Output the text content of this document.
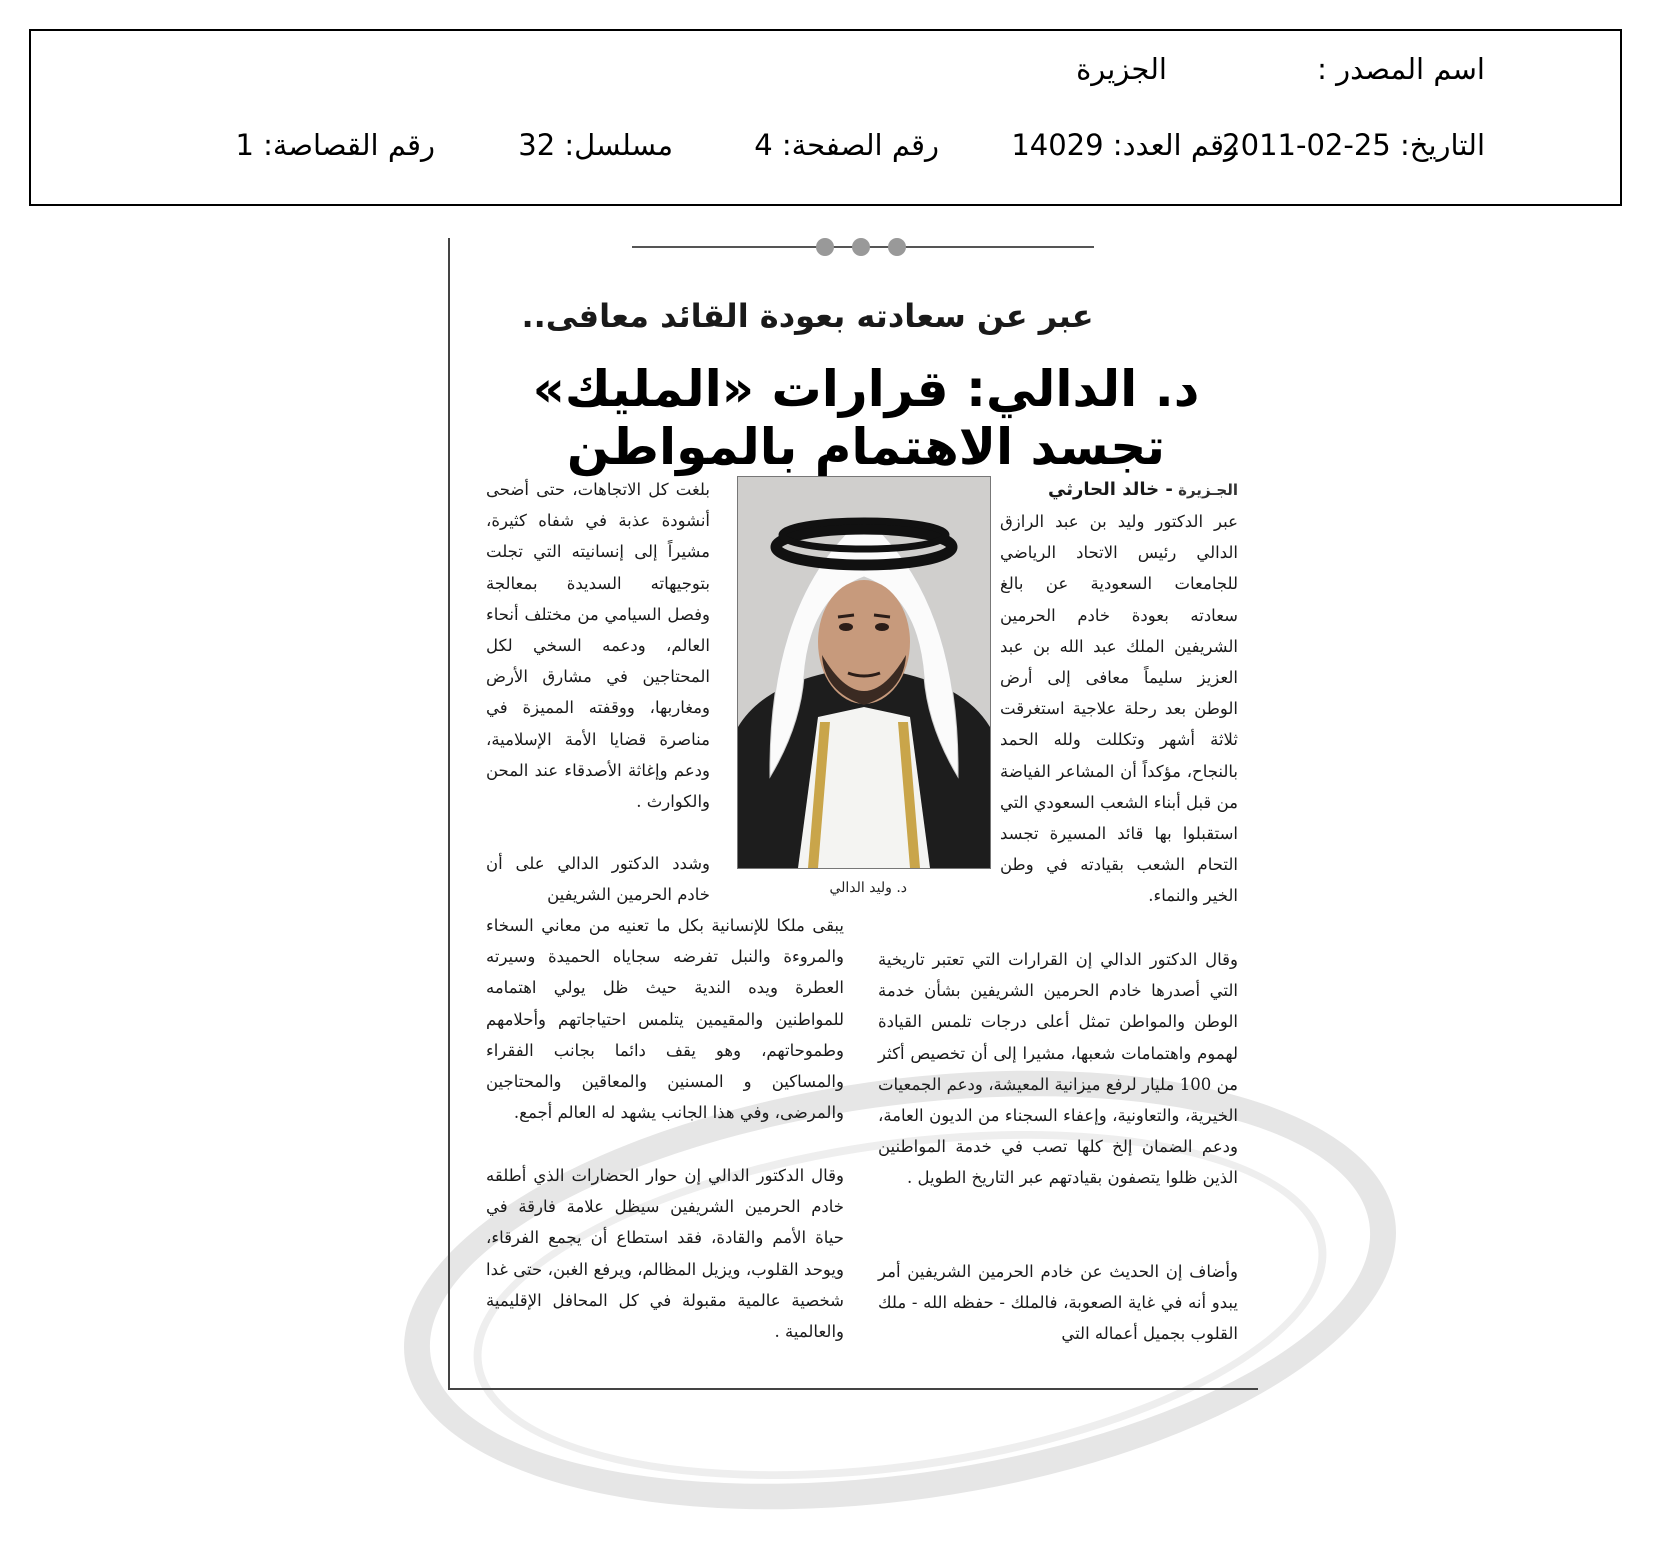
اسم المصدر :
الجزيرة
التاريخ: 25-02-2011
رقم العدد: 14029
رقم الصفحة: 4
مسلسل: 32
رقم القصاصة: 1
عبر عن سعادته بعودة القائد معافى..
د. الدالي: قرارات «المليك» تجسد الاهتمام بالمواطن

الجـزيرة - خالد الحارثي

عبر الدكتور وليد بن عبد الرازق الدالي رئيس الاتحاد الرياضي للجامعات السعودية عن بالغ سعادته بعودة خادم الحرمين الشريفين الملك عبد الله بن عبد العزيز سليماً معافى إلى أرض الوطن بعد رحلة علاجية استغرقت ثلاثة أشهر وتكللت ولله الحمد بالنجاح، مؤكداً أن المشاعر الفياضة من قبل أبناء الشعب السعودي التي استقبلوا بها قائد المسيرة تجسد التحام الشعب بقيادته في وطن الخير والنماء.
وقال الدكتور الدالي إن القرارات التي تعتبر تاريخية التي أصدرها خادم الحرمين الشريفين بشأن خدمة الوطن والمواطن تمثل أعلى درجات تلمس القيادة لهموم واهتمامات شعبها، مشيرا إلى أن تخصيص أكثر من 100 مليار لرفع ميزانية المعيشة، ودعم الجمعيات الخيرية، والتعاونية، وإعفاء السجناء من الديون العامة، ودعم الضمان إلخ كلها تصب في خدمة المواطنين الذين ظلوا يتصفون بقيادتهم عبر التاريخ الطويل .
وأضاف إن الحديث عن خادم الحرمين الشريفين أمر يبدو أنه في غاية الصعوبة، فالملك - حفظه الله - ملك القلوب بجميل أعماله التي
د. وليد الدالي
بلغت كل الاتجاهات، حتى أضحى أنشودة عذبة في شفاه كثيرة، مشيراً إلى إنسانيته التي تجلت بتوجيهاته السديدة بمعالجة وفصل السيامي من مختلف أنحاء العالم، ودعمه السخي لكل المحتاجين في مشارق الأرض ومغاربها، ووقفته المميزة في مناصرة قضايا الأمة الإسلامية، ودعم وإغاثة الأصدقاء عند المحن والكوارث .
وشدد الدكتور الدالي على أن خادم الحرمين الشريفين
يبقى ملكا للإنسانية بكل ما تعنيه من معاني السخاء والمروءة والنبل تفرضه سجاياه الحميدة وسيرته العطرة ويده الندية حيث ظل يولي اهتمامه للمواطنين والمقيمين يتلمس احتياجاتهم وأحلامهم وطموحاتهم، وهو يقف دائما بجانب الفقراء والمساكين و المسنين والمعاقين والمحتاجين والمرضى، وفي هذا الجانب يشهد له العالم أجمع.
وقال الدكتور الدالي إن حوار الحضارات الذي أطلقه خادم الحرمين الشريفين سيظل علامة فارقة في حياة الأمم والقادة، فقد استطاع أن يجمع الفرقاء، ويوحد القلوب، ويزيل المظالم، ويرفع الغبن، حتى غدا شخصية عالمية مقبولة في كل المحافل الإقليمية والعالمية .
